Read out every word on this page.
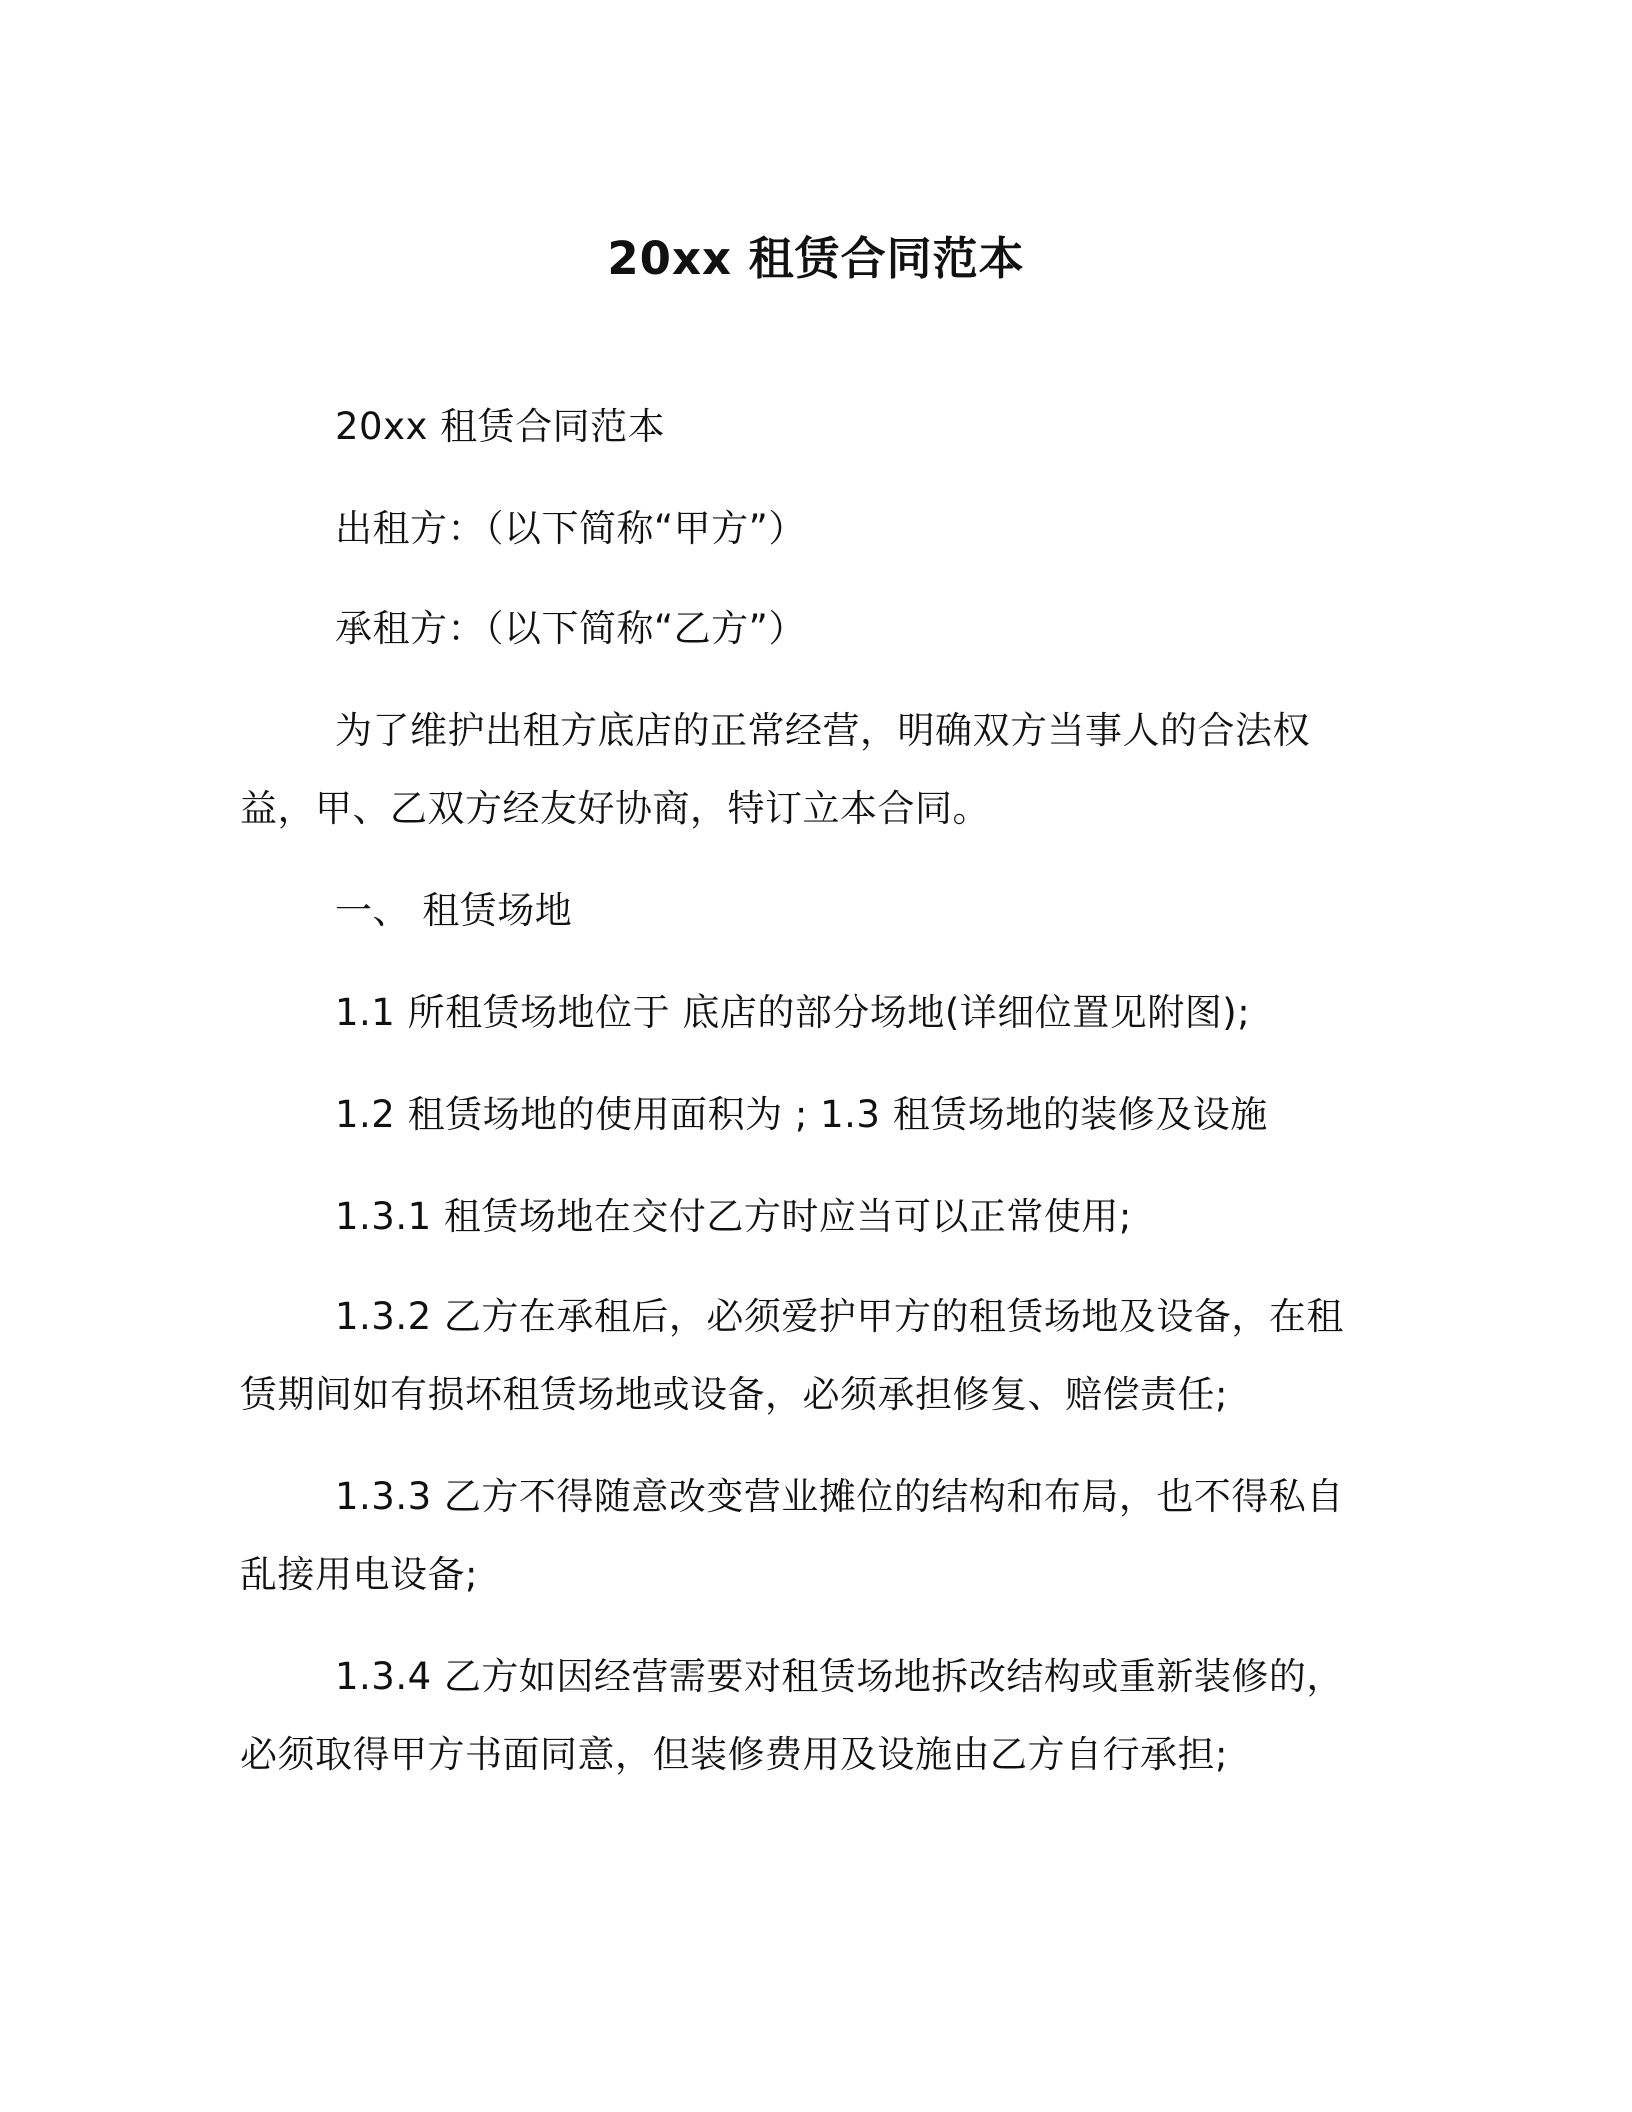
20xx 租赁合同范本
20xx 租赁合同范本
出租方：（以下简称“甲方”）
承租方：（以下简称“乙方”）
为了维护出租方底店的正常经营，明确双方当事人的合法权益，甲、乙双方经友好协商，特订立本合同。
一、 租赁场地
1.1 所租赁场地位于 底店的部分场地(详细位置见附图);
1.2 租赁场地的使用面积为 ; 1.3 租赁场地的装修及设施
1.3.1 租赁场地在交付乙方时应当可以正常使用;
1.3.2 乙方在承租后，必须爱护甲方的租赁场地及设备，在租赁期间如有损坏租赁场地或设备，必须承担修复、赔偿责任;
1.3.3 乙方不得随意改变营业摊位的结构和布局，也不得私自乱接用电设备;
1.3.4 乙方如因经营需要对租赁场地拆改结构或重新装修的，必须取得甲方书面同意，但装修费用及设施由乙方自行承担;
